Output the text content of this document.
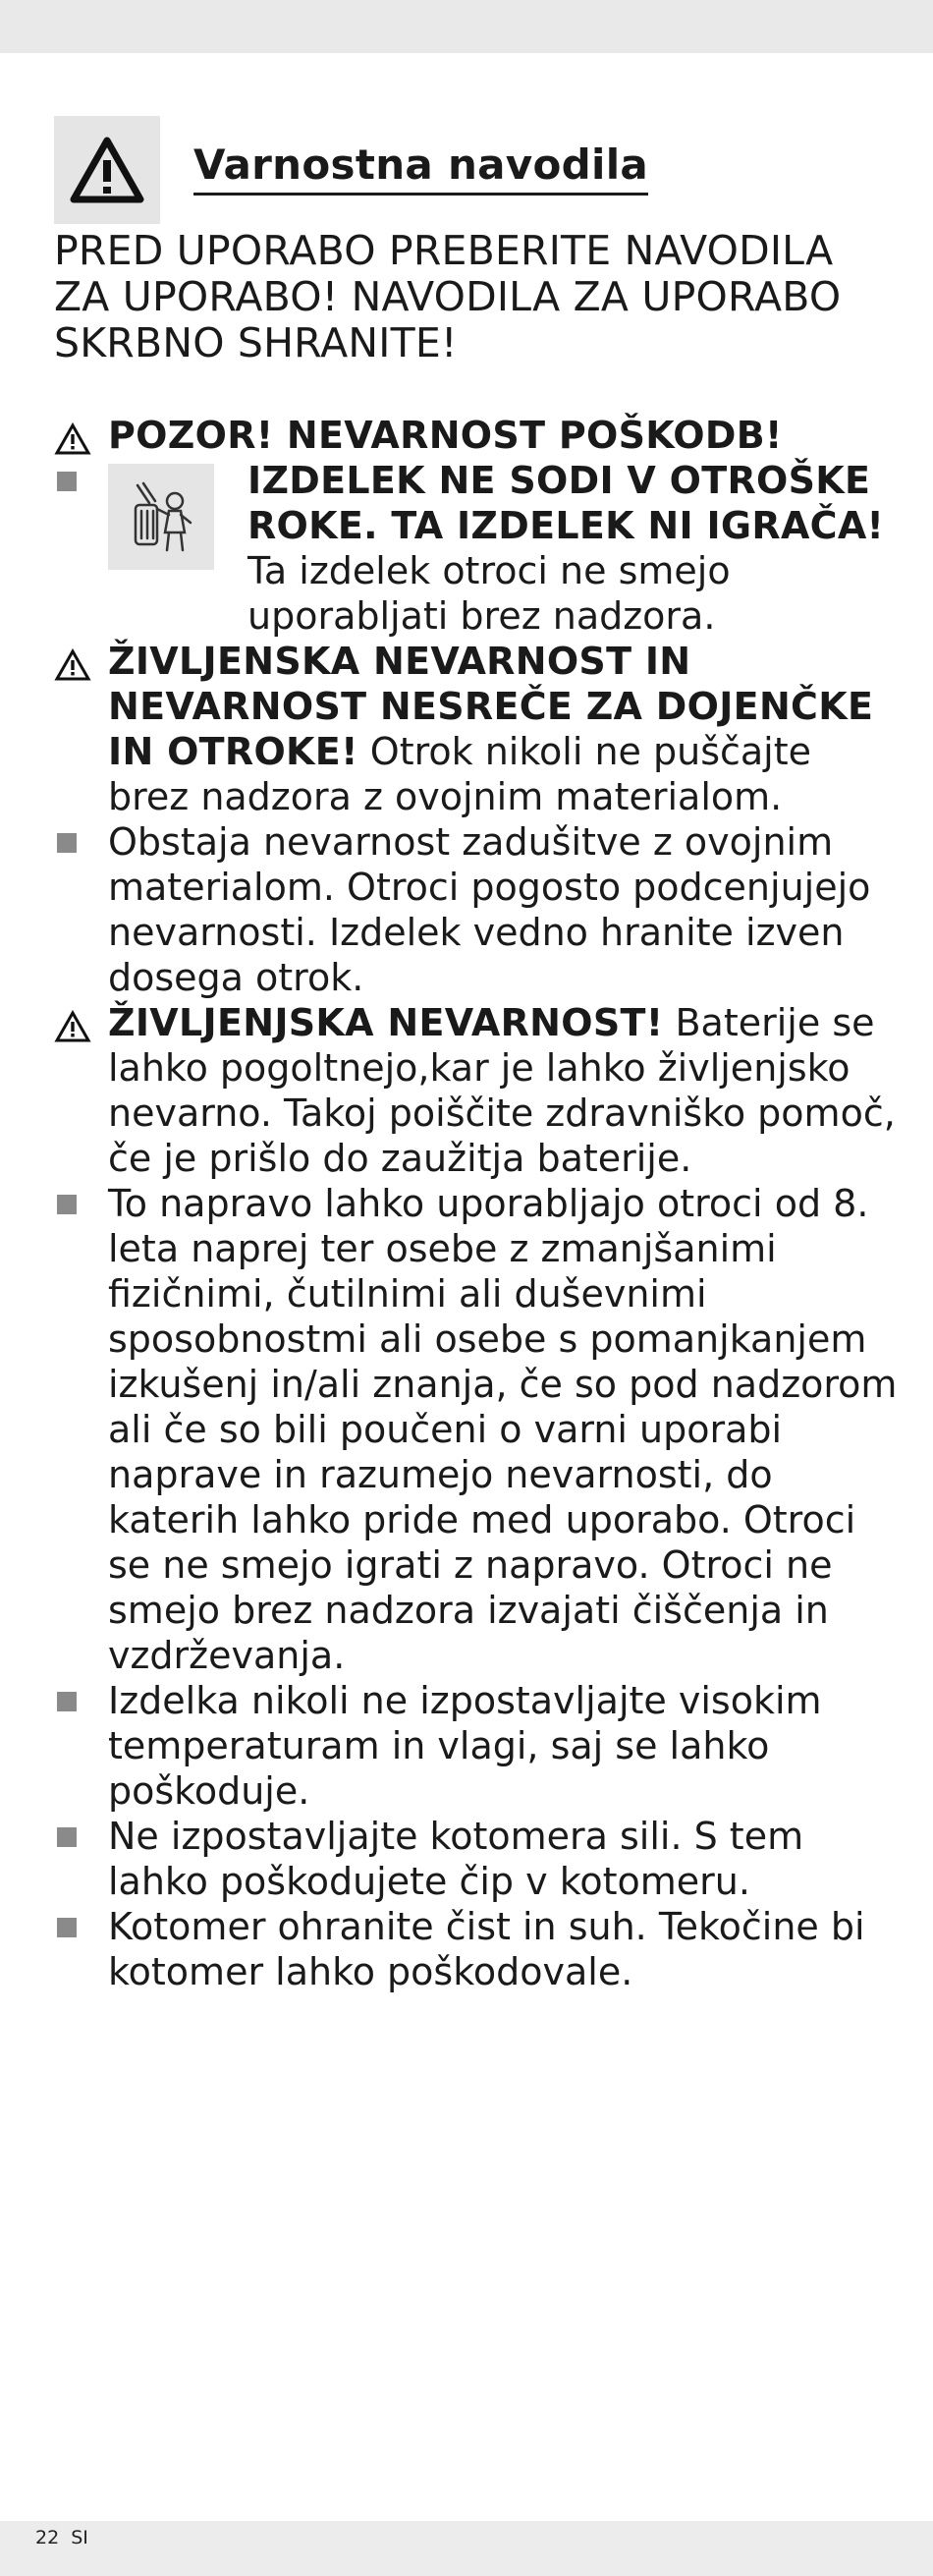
Varnostna navodila
PRED UPORABO PREBERITE NAVODILA ZA UPORABO! NAVODILA ZA UPORABO SKRBNO SHRANITE!
POZOR! NEVARNOST POŠKODB!
IZDELEK NE SODI V OTROŠKE ROKE. TA IZDELEK NI IGRAČA! Ta izdelek otroci ne smejo uporabljati brez nadzora.
ŽIVLJENSKA NEVARNOST IN NEVARNOST NESREČE ZA DOJENČKE IN OTROKE! Otrok nikoli ne puščajte brez nadzora z ovojnim materialom.
Obstaja nevarnost zadušitve z ovojnim materialom. Otroci pogosto podcenjujejo nevarnosti. Izdelek vedno hranite izven dosega otrok.
ŽIVLJENJSKA NEVARNOST! Baterije se lahko pogoltnejo,kar je lahko življenjsko nevarno. Takoj poiščite zdravniško pomoč, če je prišlo do zaužitja baterije.
To napravo lahko uporabljajo otroci od 8. leta naprej ter osebe z zmanjšanimi fizičnimi, čutilnimi ali duševnimi sposobnostmi ali osebe s pomanjkanjem izkušenj in/ali znanja, če so pod nadzorom ali če so bili poučeni o varni uporabi naprave in razumejo nevarnosti, do katerih lahko pride med uporabo. Otroci se ne smejo igrati z napravo. Otroci ne smejo brez nadzora izvajati čiščenja in vzdrževanja.
Izdelka nikoli ne izpostavljajte visokim temperaturam in vlagi, saj se lahko poškoduje.
Ne izpostavljajte kotomera sili. S tem lahko poškodujete čip v kotomeru.
Kotomer ohranite čist in suh. Tekočine bi kotomer lahko poškodovale.
22 SI
